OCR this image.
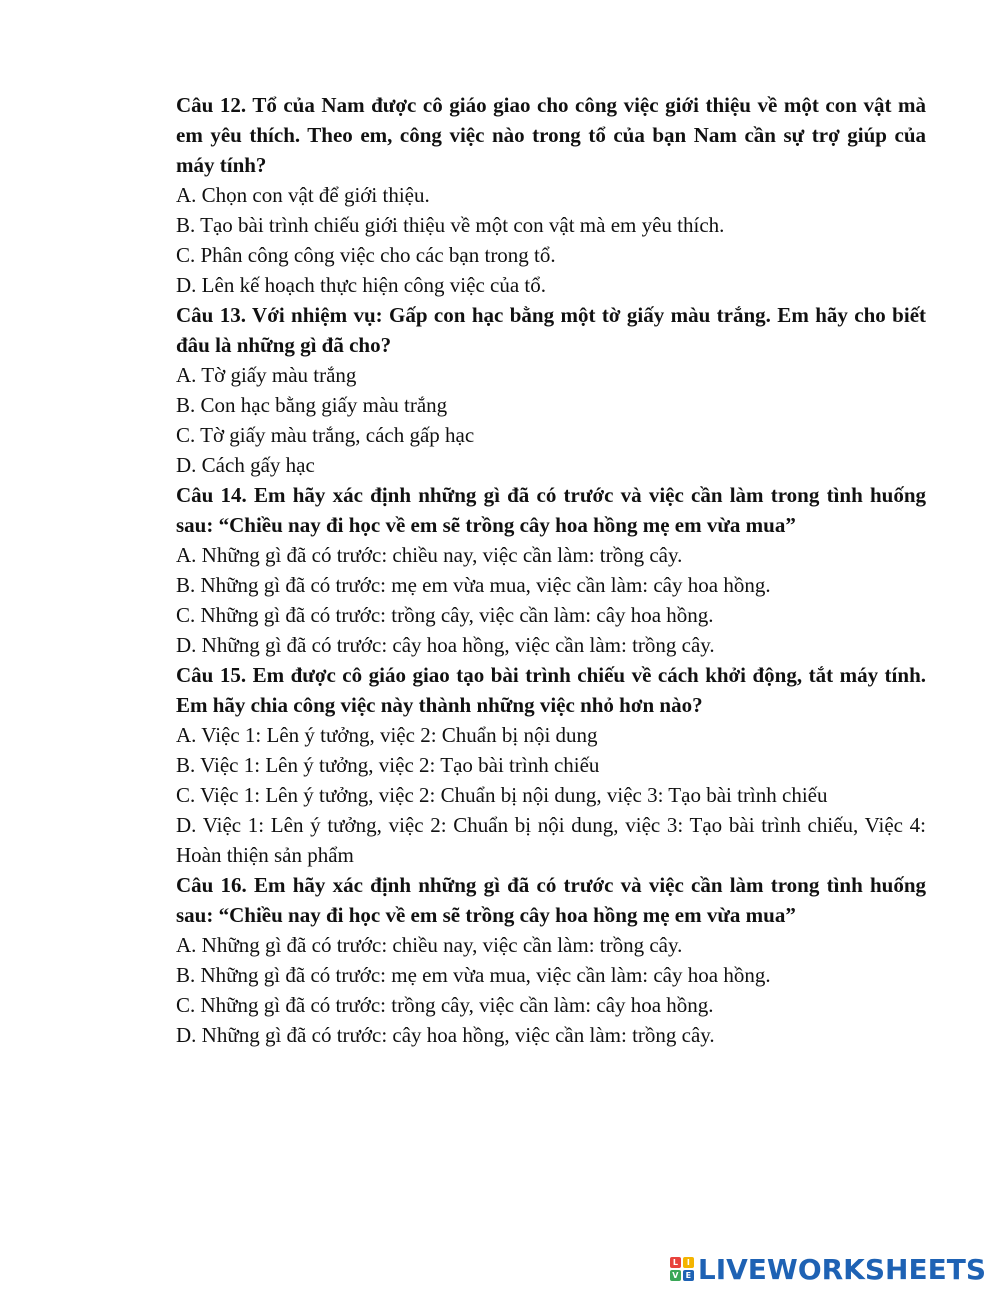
Câu 12. Tổ của Nam được cô giáo giao cho công việc giới thiệu về một con vật mà em yêu thích. Theo em, công việc nào trong tổ của bạn Nam cần sự trợ giúp của máy tính?

A. Chọn con vật để giới thiệu.

B. Tạo bài trình chiếu giới thiệu về một con vật mà em yêu thích.

C. Phân công công việc cho các bạn trong tổ.

D. Lên kế hoạch thực hiện công việc của tổ.

Câu 13. Với nhiệm vụ: Gấp con hạc bằng một tờ giấy màu trắng. Em hãy cho biết đâu là những gì đã cho?

A. Tờ giấy màu trắng

B. Con hạc bằng giấy màu trắng

C. Tờ giấy màu trắng, cách gấp hạc

D. Cách gấy hạc

Câu 14. Em hãy xác định những gì đã có trước và việc cần làm trong tình huống sau: “Chiều nay đi học về em sẽ trồng cây hoa hồng mẹ em vừa mua”

A. Những gì đã có trước: chiều nay, việc cần làm: trồng cây.

B. Những gì đã có trước: mẹ em vừa mua, việc cần làm: cây hoa hồng.

C. Những gì đã có trước: trồng cây, việc cần làm: cây hoa hồng.

D. Những gì đã có trước: cây hoa hồng, việc cần làm: trồng cây.

Câu 15. Em được cô giáo giao tạo bài trình chiếu về cách khởi động, tắt máy tính. Em hãy chia công việc này thành những việc nhỏ hơn nào?

A. Việc 1: Lên ý tưởng, việc 2: Chuẩn bị nội dung

B. Việc 1: Lên ý tưởng, việc 2: Tạo bài trình chiếu

C. Việc 1: Lên ý tưởng, việc 2: Chuẩn bị nội dung, việc 3: Tạo bài trình chiếu

D. Việc 1: Lên ý tưởng, việc 2: Chuẩn bị nội dung, việc 3: Tạo bài trình chiếu, Việc 4: Hoàn thiện sản phẩm

Câu 16. Em hãy xác định những gì đã có trước và việc cần làm trong tình huống sau: “Chiều nay đi học về em sẽ trồng cây hoa hồng mẹ em vừa mua”

A. Những gì đã có trước: chiều nay, việc cần làm: trồng cây.

B. Những gì đã có trước: mẹ em vừa mua, việc cần làm: cây hoa hồng.

C. Những gì đã có trước: trồng cây, việc cần làm: cây hoa hồng.

D. Những gì đã có trước: cây hoa hồng, việc cần làm: trồng cây.

L	I
V E LIVEWORKSHEETS
